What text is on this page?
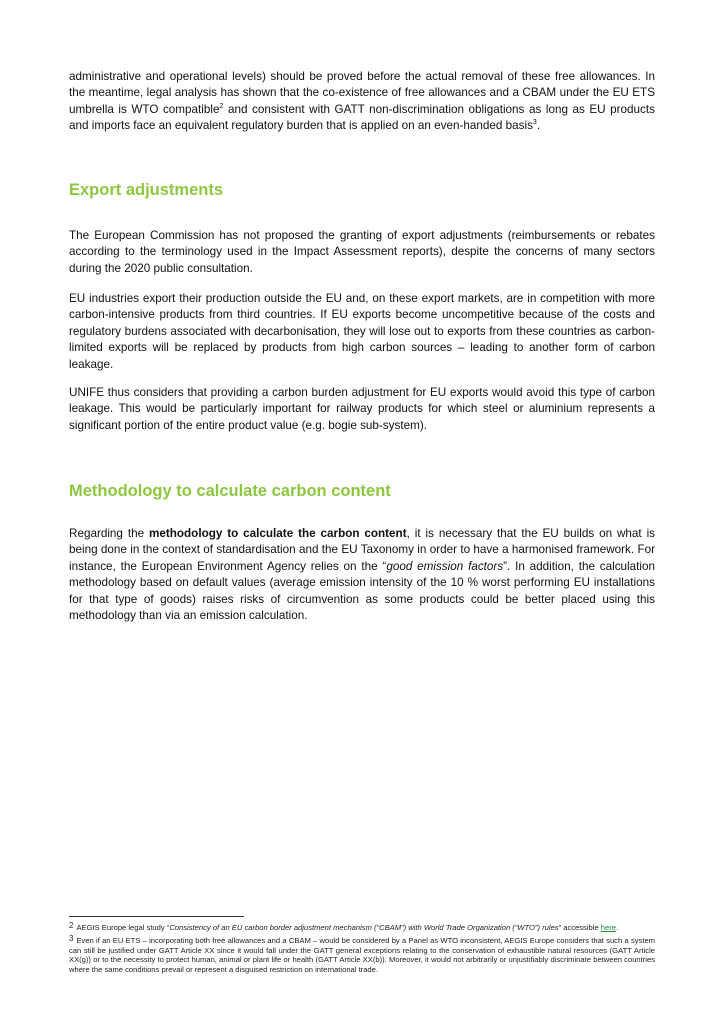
administrative and operational levels) should be proved before the actual removal of these free allowances. In the meantime, legal analysis has shown that the co-existence of free allowances and a CBAM under the EU ETS umbrella is WTO compatible$^2$ and consistent with GATT non-discrimination obligations as long as EU products and imports face an equivalent regulatory burden that is applied on an even-handed basis$^3$.

Export adjustments

The European Commission has not proposed the granting of export adjustments (reimbursements or rebates according to the terminology used in the Impact Assessment reports), despite the concerns of many sectors during the 2020 public consultation.

EU industries export their production outside the EU and, on these export markets, are in competition with more carbon-intensive products from third countries. If EU exports become uncompetitive because of the costs and regulatory burdens associated with decarbonisation, they will lose out to exports from these countries as carbon-limited exports will be replaced by products from high carbon sources – leading to another form of carbon leakage.

UNIFE thus considers that providing a carbon burden adjustment for EU exports would avoid this type of carbon leakage. This would be particularly important for railway products for which steel or aluminium represents a significant portion of the entire product value (e.g. bogie sub-system).

Methodology to calculate carbon content

Regarding the methodology to calculate the carbon content, it is necessary that the EU builds on what is being done in the context of standardisation and the EU Taxonomy in order to have a harmonised framework. For instance, the European Environment Agency relies on the “good emission factors”. In addition, the calculation methodology based on default values (average emission intensity of the 10 % worst performing EU installations for that type of goods) raises risks of circumvention as some products could be better placed using this methodology than via an emission calculation.

2 AEGIS Europe legal study “Consistency of an EU carbon border adjustment mechanism (“CBAM”) with World Trade Organization (“WTO”) rules” accessible here.

3 Even if an EU ETS – incorporating both free allowances and a CBAM – would be considered by a Panel as WTO inconsistent, AEGIS Europe considers that such a system can still be justified under GATT Article XX since it would fall under the GATT general exceptions relating to the conservation of exhaustible natural resources (GATT Article XX(g)) or to the necessity to protect human, animal or plant life or health (GATT Article XX(b)). Moreover, it would not arbitrarily or unjustifiably discriminate between countries where the same conditions prevail or represent a disguised restriction on international trade.
